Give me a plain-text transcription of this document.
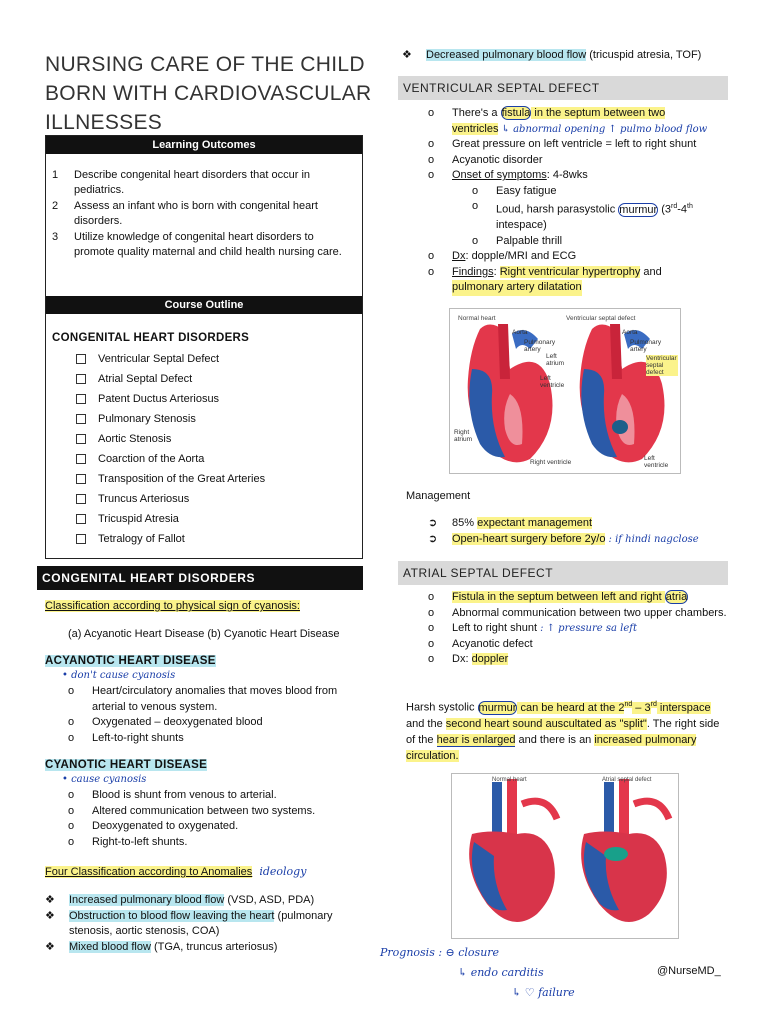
NURSING CARE OF THE CHILD BORN WITH CARDIOVASCULAR ILLNESSES
Learning Outcomes
1	Describe congenital heart disorders that occur in pediatrics.
2	Assess an infant who is born with congenital heart disorders.
3	Utilize knowledge of congenital heart disorders to promote quality maternal and child health nursing care.
Course Outline
CONGENITAL HEART DISORDERS
Ventricular Septal Defect
Atrial Septal Defect
Patent Ductus Arteriosus
Pulmonary Stenosis
Aortic Stenosis
Coarction of the Aorta
Transposition of the Great Arteries
Truncus Arteriosus
Tricuspid Atresia
Tetralogy of Fallot
CONGENITAL HEART DISORDERS
Classification according to physical sign of cyanosis:
(a) Acyanotic Heart Disease (b) Cyanotic Heart Disease
ACYANOTIC HEART DISEASE
• don't cause cyanosis
o	Heart/circulatory anomalies that moves blood from arterial to venous system.
o	Oxygenated – deoxygenated blood
o	Left-to-right shunts
CYANOTIC HEART DISEASE
• cause cyanosis
o	Blood is shunt from venous to arterial.
o	Altered communication between two systems.
o	Deoxygenated to oxygenated.
o	Right-to-left shunts.
Four Classification according to Anomalies ideology
❖	Increased pulmonary blood flow (VSD, ASD, PDA)
❖	Obstruction to blood flow leaving the heart (pulmonary stenosis, aortic stenosis, COA)
❖	Mixed blood flow (TGA, truncus arteriosus)
❖	Decreased pulmonary blood flow (tricuspid atresia, TOF)
VENTRICULAR SEPTAL DEFECT
o	There's a fistula in the septum between two
ventricles ↳ abnormal opening ↑ pulmo blood flow
o	Great pressure on left ventricle = left to right shunt
o	Acyanotic disorder
o	Onset of symptoms: 4-8wks
o	Easy fatigue
o	Loud, harsh parasystolic murmur (3rd-4th
intespace)
o	Palpable thrill
o	Dx: dopple/MRI and ECG
o	Findings: Right ventricular hypertrophy and
pulmonary artery dilatation
Normal heart	Ventricular septal defect
Aorta
Pulmonary artery
Left atrium
Left ventricle
Right atrium
Right ventricle
Aorta
Pulmonary artery
Ventricular septal defect
Left ventricle
Management
➲	85% expectant management
➲	Open-heart surgery before 2y/o : if hindi nagclose
ATRIAL SEPTAL DEFECT
o	Fistula in the septum between left and right atria
o	Abnormal communication between two upper chambers.
o	Left to right shunt : ↑ pressure sa left
o	Acyanotic defect
o	Dx: doppler
Harsh systolic murmur can be heard at the 2nd – 3rd interspace and the second heart sound auscultated as "split". The right side of the hear is enlarged and there is an increased pulmonary circulation.
Normal heart	Atrial septal defect
Prognosis : ⊖ closure
↳ endo carditis
↳ ♡ failure
@NurseMD_
